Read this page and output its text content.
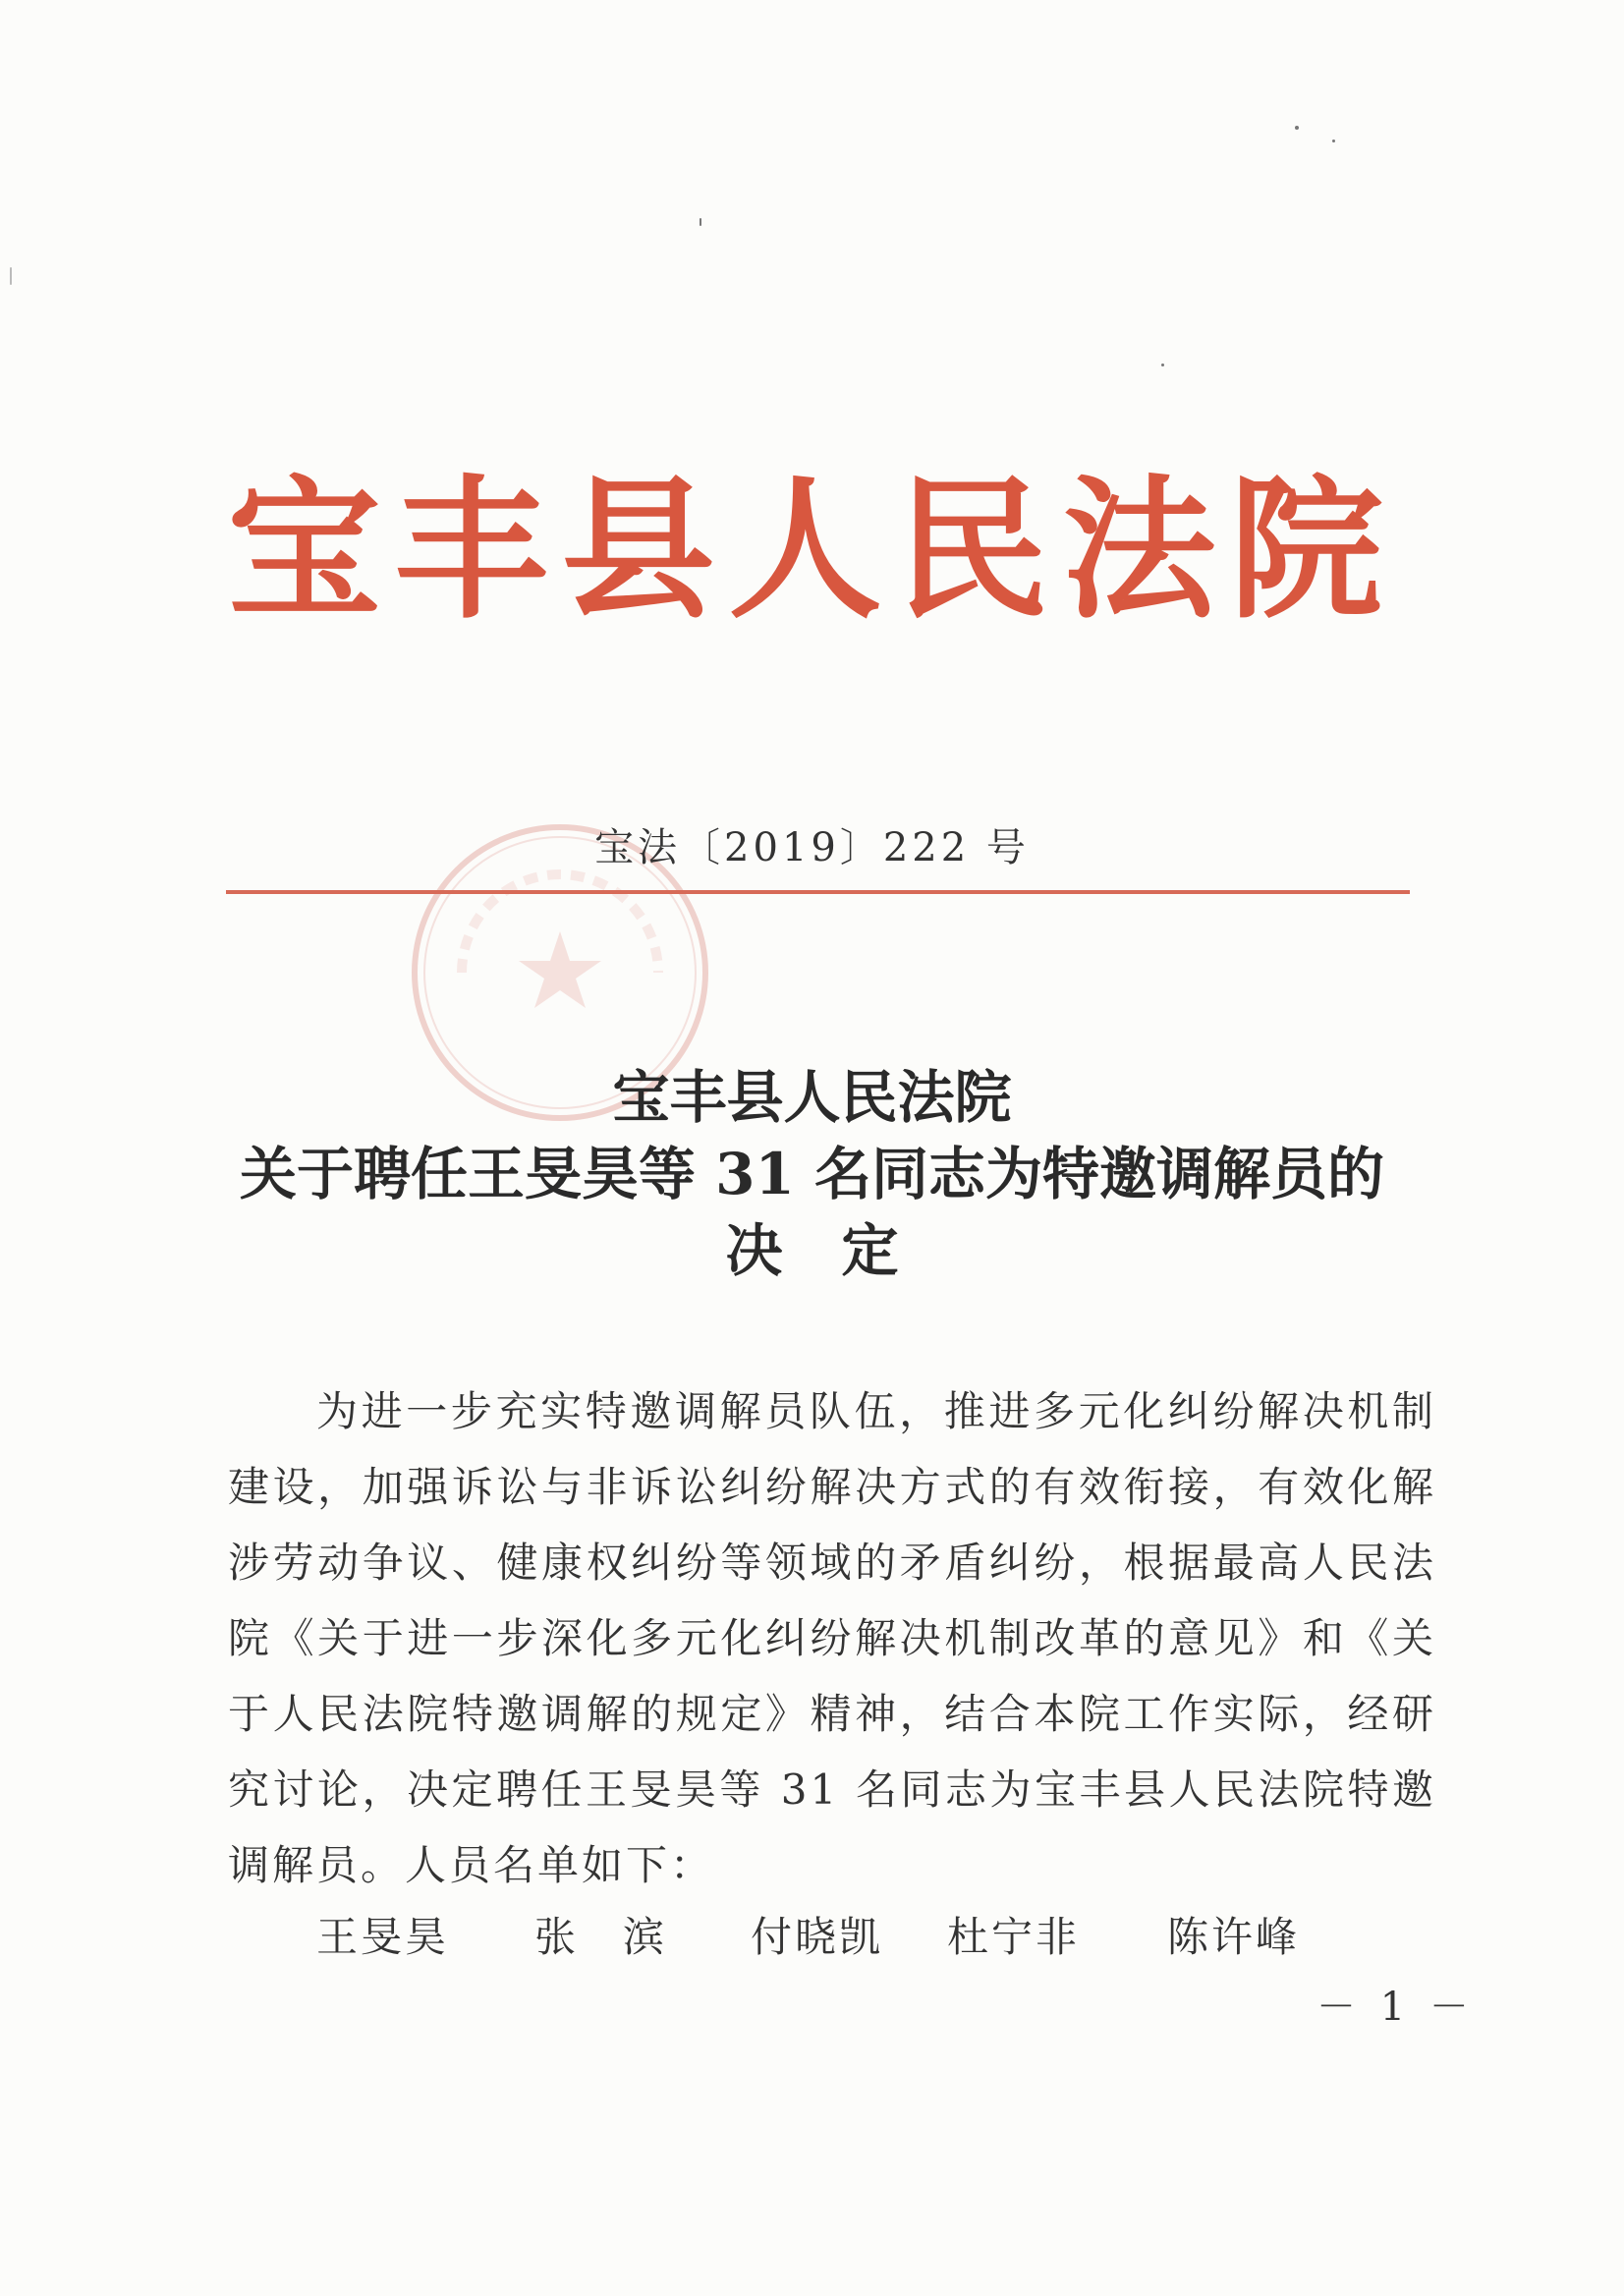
宝丰县人民法院
宝法〔2019〕222 号
宝丰县人民法院
关于聘任王旻昊等 31 名同志为特邀调解员的
决定
为进一步充实特邀调解员队伍，推进多元化纠纷解决机制建设，加强诉讼与非诉讼纠纷解决方式的有效衔接，有效化解涉劳动争议、健康权纠纷等领域的矛盾纠纷，根据最高人民法院《关于进一步深化多元化纠纷解决机制改革的意见》和《关于人民法院特邀调解的规定》精神，结合本院工作实际，经研究讨论，决定聘任王旻昊等 31 名同志为宝丰县人民法院特邀调解员。人员名单如下：
王旻昊 张　滨 付晓凯 杜宁非 陈许峰
－ 1 －
